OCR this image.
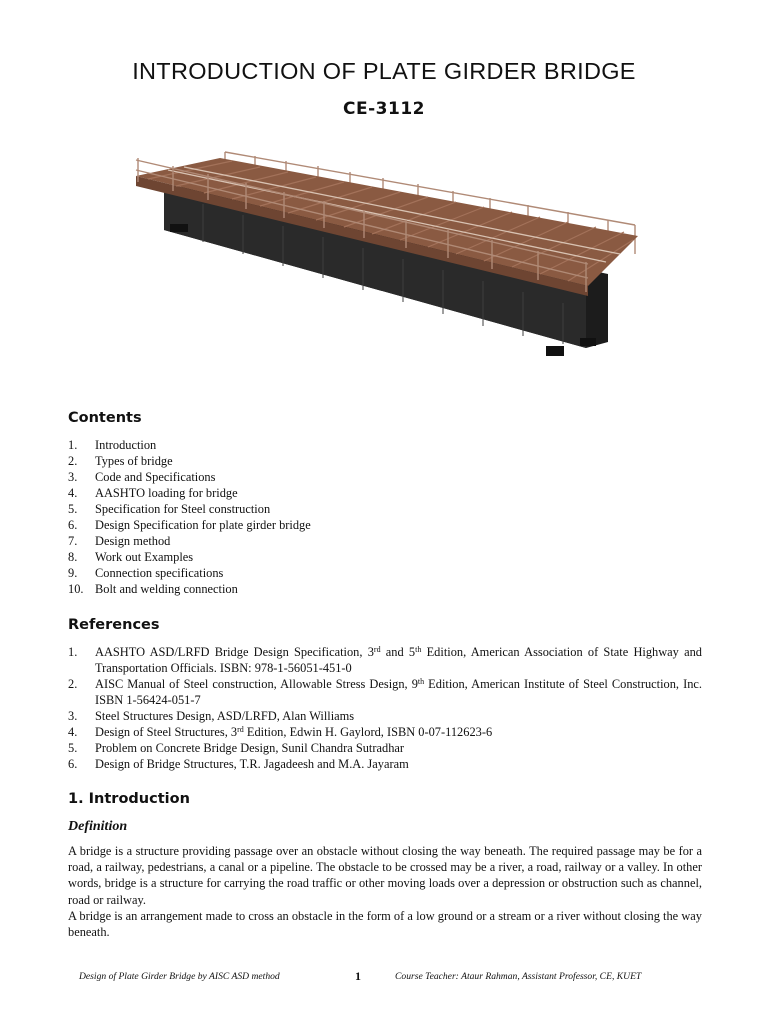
INTRODUCTION OF PLATE GIRDER BRIDGE
CE-3112
Contents
1. Introduction
2. Types of bridge
3. Code and Specifications
4. AASHTO loading for bridge
5. Specification for Steel construction
6. Design Specification for plate girder bridge
7. Design method
8. Work out Examples
9. Connection specifications
10. Bolt and welding connection
References
1. AASHTO ASD/LRFD Bridge Design Specification, 3rd and 5th Edition, American Association of State Highway and Transportation Officials. ISBN: 978-1-56051-451-0
2. AISC Manual of Steel construction, Allowable Stress Design, 9th Edition, American Institute of Steel Construction, Inc. ISBN 1-56424-051-7
3. Steel Structures Design, ASD/LRFD, Alan Williams
4. Design of Steel Structures, 3rd Edition, Edwin H. Gaylord, ISBN 0-07-112623-6
5. Problem on Concrete Bridge Design, Sunil Chandra Sutradhar
6. Design of Bridge Structures, T.R. Jagadeesh and M.A. Jayaram
1. Introduction
Definition

A bridge is a structure providing passage over an obstacle without closing the way beneath. The required passage may be for a road, a railway, pedestrians, a canal or a pipeline. The obstacle to be crossed may be a river, a road, railway or a valley. In other words, bridge is a structure for carrying the road traffic or other moving loads over a depression or obstruction such as channel, road or railway.

A bridge is an arrangement made to cross an obstacle in the form of a low ground or a stream or a river without closing the way beneath.

Design of Plate Girder Bridge by AISC ASD method	1	Course Teacher: Ataur Rahman, Assistant Professor, CE, KUET
